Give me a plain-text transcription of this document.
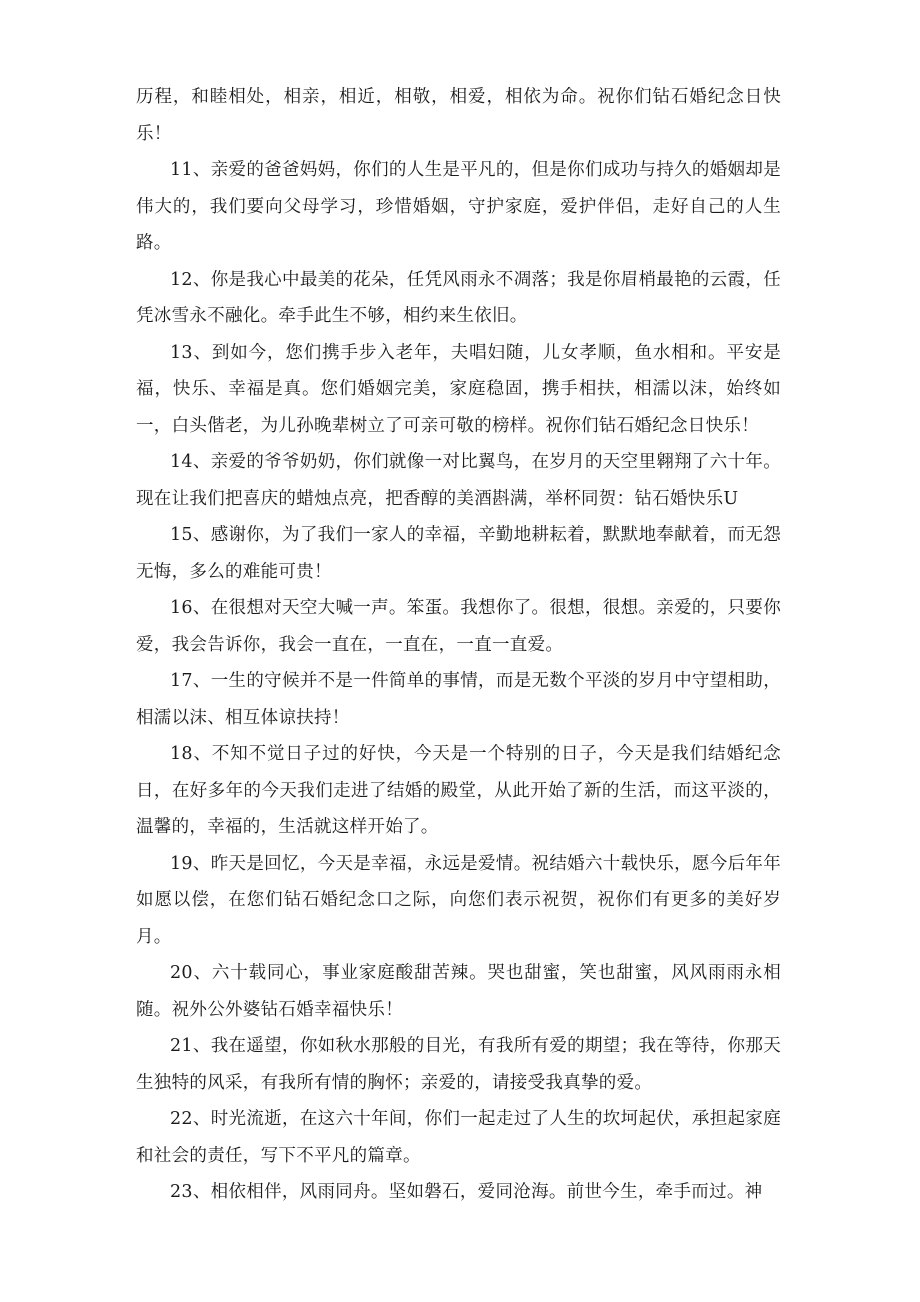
历程，和睦相处，相亲，相近，相敬，相爱，相依为命。祝你们钻石婚纪念日快乐！

11、亲爱的爸爸妈妈，你们的人生是平凡的，但是你们成功与持久的婚姻却是伟大的，我们要向父母学习，珍惜婚姻，守护家庭，爱护伴侣，走好自己的人生路。

12、你是我心中最美的花朵，任凭风雨永不凋落；我是你眉梢最艳的云霞，任凭冰雪永不融化。牵手此生不够，相约来生依旧。

13、到如今，您们携手步入老年，夫唱妇随，儿女孝顺，鱼水相和。平安是福，快乐、幸福是真。您们婚姻完美，家庭稳固，携手相扶，相濡以沫，始终如一，白头偕老，为儿孙晚辈树立了可亲可敬的榜样。祝你们钻石婚纪念日快乐！

14、亲爱的爷爷奶奶，你们就像一对比翼鸟，在岁月的天空里翱翔了六十年。现在让我们把喜庆的蜡烛点亮，把香醇的美酒斟满，举杯同贺：钻石婚快乐U

15、感谢你，为了我们一家人的幸福，辛勤地耕耘着，默默地奉献着，而无怨无悔，多么的难能可贵！

16、在很想对天空大喊一声。笨蛋。我想你了。很想，很想。亲爱的，只要你爱，我会告诉你，我会一直在，一直在，一直一直爱。

17、一生的守候并不是一件简单的事情，而是无数个平淡的岁月中守望相助，相濡以沫、相互体谅扶持！

18、不知不觉日子过的好快，今天是一个特别的日子，今天是我们结婚纪念日，在好多年的今天我们走进了结婚的殿堂，从此开始了新的生活，而这平淡的，温馨的，幸福的，生活就这样开始了。

19、昨天是回忆，今天是幸福，永远是爱情。祝结婚六十载快乐，愿今后年年如愿以偿，在您们钻石婚纪念口之际，向您们表示祝贺，祝你们有更多的美好岁月。

20、六十载同心，事业家庭酸甜苦辣。哭也甜蜜，笑也甜蜜，风风雨雨永相随。祝外公外婆钻石婚幸福快乐！

21、我在遥望，你如秋水那般的目光，有我所有爱的期望；我在等待，你那天生独特的风采，有我所有情的胸怀；亲爱的，请接受我真挚的爱。

22、时光流逝，在这六十年间，你们一起走过了人生的坎坷起伏，承担起家庭和社会的责任，写下不平凡的篇章。

23、相依相伴，风雨同舟。坚如磐石，爱同沧海。前世今生，牵手而过。神
